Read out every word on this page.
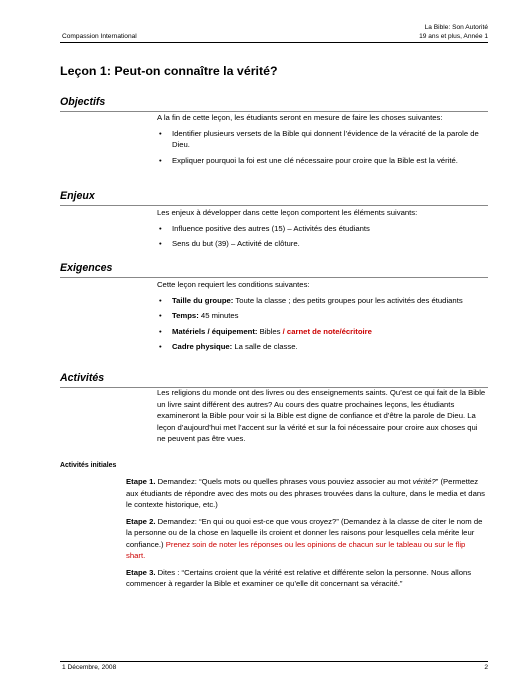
Compassion International
La Bible: Son Autorité
19 ans et plus, Année 1
Leçon 1: Peut-on connaître la vérité?
Objectifs

A la fin de cette leçon, les étudiants seront en mesure de faire les choses suivantes:

• Identifier plusieurs versets de la Bible qui donnent l’évidence de la véracité de la parole de Dieu.
• Expliquer pourquoi la foi est une clé nécessaire pour croire que la Bible est la vérité.
Enjeux

Les enjeux à développer dans cette leçon comportent les éléments suivants:

• Influence positive des autres (15) – Activités des étudiants
• Sens du but (39) – Activité de clôture.
Exigences

Cette leçon requiert les conditions suivantes:

• Taille du groupe: Toute la classe ; des petits groupes pour les activités des étudiants
• Temps: 45 minutes
• Matériels / équipement: Bibles / carnet de note/écritoire
• Cadre physique: La salle de classe.
Activités

Les religions du monde ont des livres ou des enseignements saints. Qu’est ce qui fait de la Bible un livre saint différent des autres? Au cours des quatre prochaines leçons, les étudiants examineront la Bible pour voir si la Bible est digne de confiance et d’être la parole de Dieu. La leçon d’aujourd’hui met l’accent sur la vérité et sur la foi nécessaire pour croire aux choses qui ne peuvent pas être vues.

Activités initiales

Etape 1. Demandez: “Quels mots ou quelles phrases vous pouviez associer au mot vérité?” (Permettez aux étudiants de répondre avec des mots ou des phrases trouvées dans la culture, dans le media et dans le contexte historique, etc.)

Etape 2. Demandez: “En qui ou quoi est-ce que vous croyez?” (Demandez à la classe de citer le nom de la personne ou de la chose en laquelle ils croient et donner les raisons pour lesquelles cela mérite leur confiance.) Prenez soin de noter les réponses ou les opinions de chacun sur le tableau ou sur le flip shart.

Etape 3. Dites : “Certains croient que la vérité est relative et différente selon la personne. Nous allons commencer à regarder la Bible et examiner ce qu’elle dit concernant sa véracité.”

1 Décembre, 2008	2
